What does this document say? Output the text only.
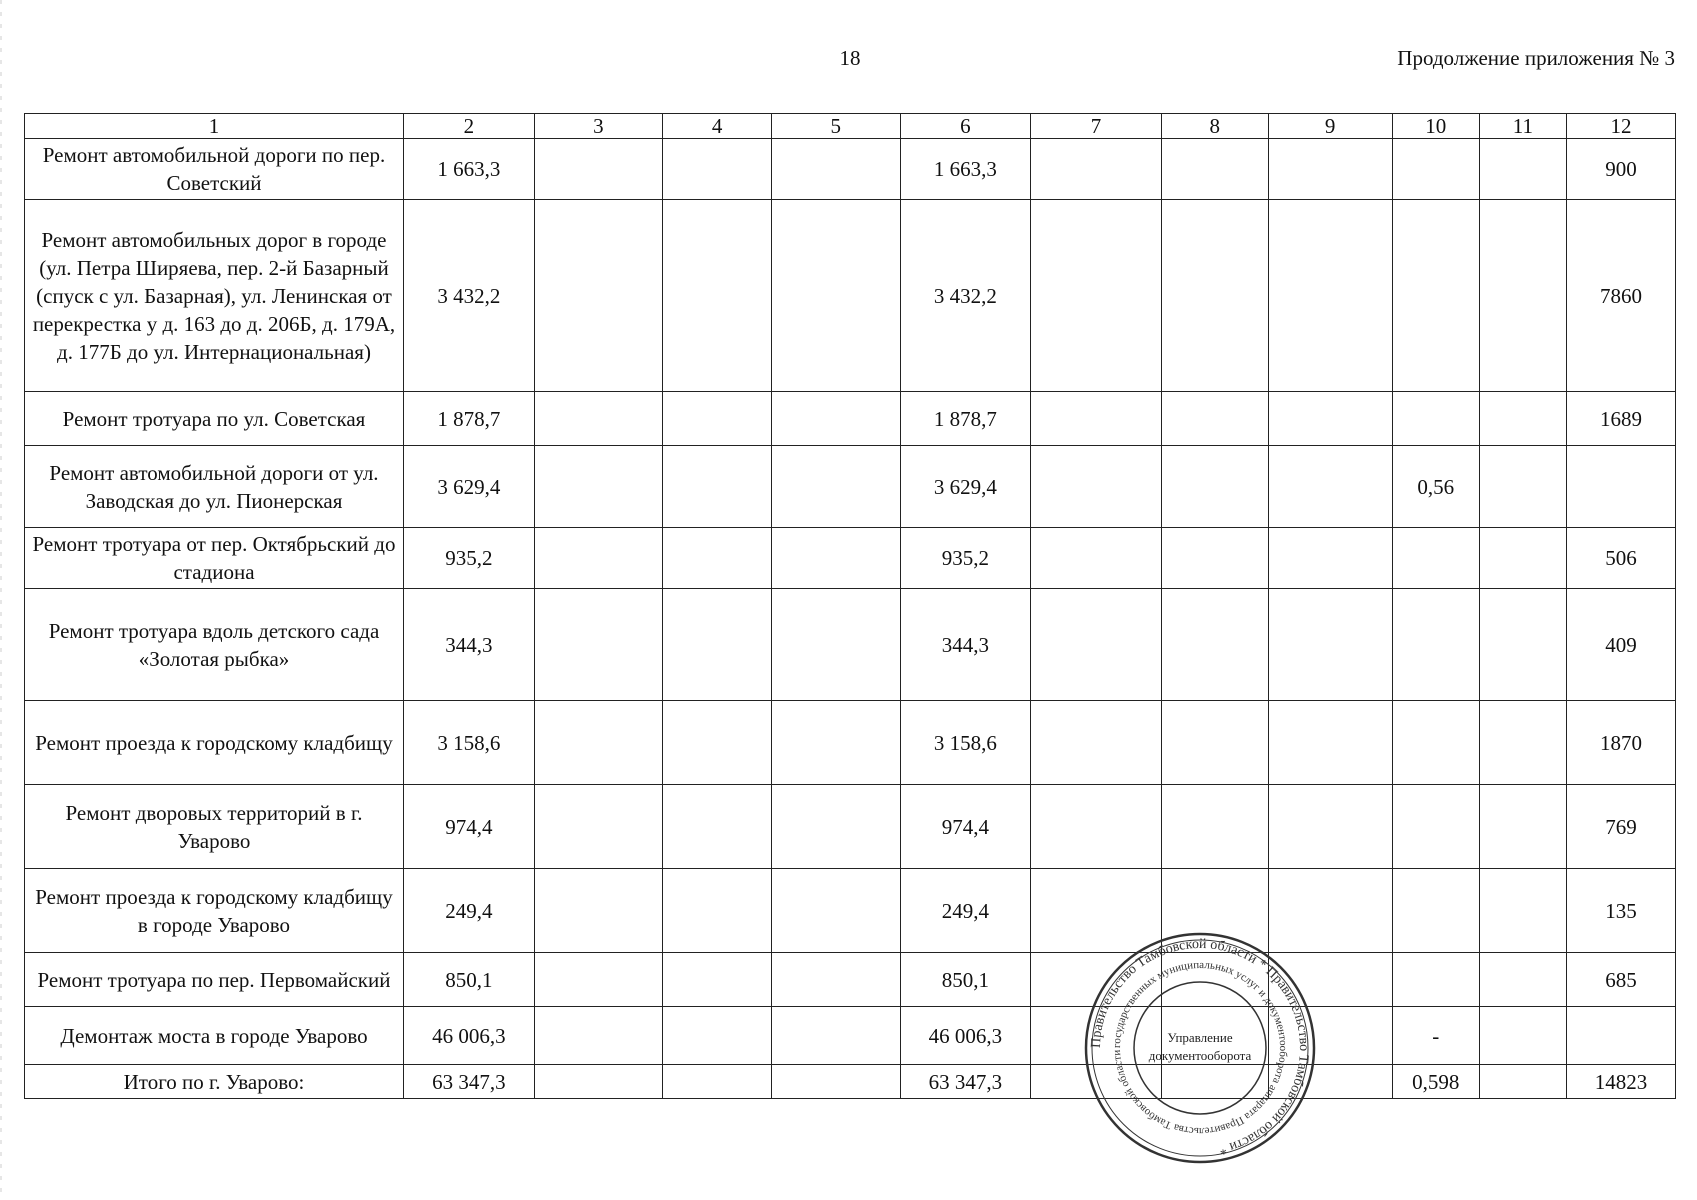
18	Продолжение приложения № 3
1	2	3	4	5	6	7	8	9	10	11	12
Ремонт автомобильной дороги по пер. Советский	1 663,3				1 663,3						900
Ремонт автомобильных дорог в городе (ул. Петра Ширяева, пер. 2-й Базарный (спуск с ул. Базарная), ул. Ленинская от перекрестка у д. 163 до д. 206Б, д. 179А, д. 177Б до ул. Интернациональная)	3 432,2				3 432,2						7860
Ремонт тротуара по ул. Советская	1 878,7				1 878,7						1689
Ремонт автомобильной дороги от ул. Заводская до ул. Пионерская	3 629,4				3 629,4				0,56		
Ремонт тротуара от пер. Октябрьский до стадиона	935,2				935,2						506
Ремонт тротуара вдоль детского сада «Золотая рыбка»	344,3				344,3						409
Ремонт проезда к городскому кладбищу	3 158,6				3 158,6						1870
Ремонт дворовых территорий в г. Уварово	974,4				974,4						769
Ремонт проезда к городскому кладбищу в городе Уварово	249,4				249,4						135
Ремонт тротуара по пер. Первомайский	850,1				850,1						685
Демонтаж моста в городе Уварово	46 006,3				46 006,3				-		
Итого по г. Уварово:	63 347,3				63 347,3				0,598		14823
Правительство Тамбовской области * Правительство Тамбовской области *
государственных муниципальных услуг и документооборота аппарата Правительства Тамбовской области
Управление
документооборота
